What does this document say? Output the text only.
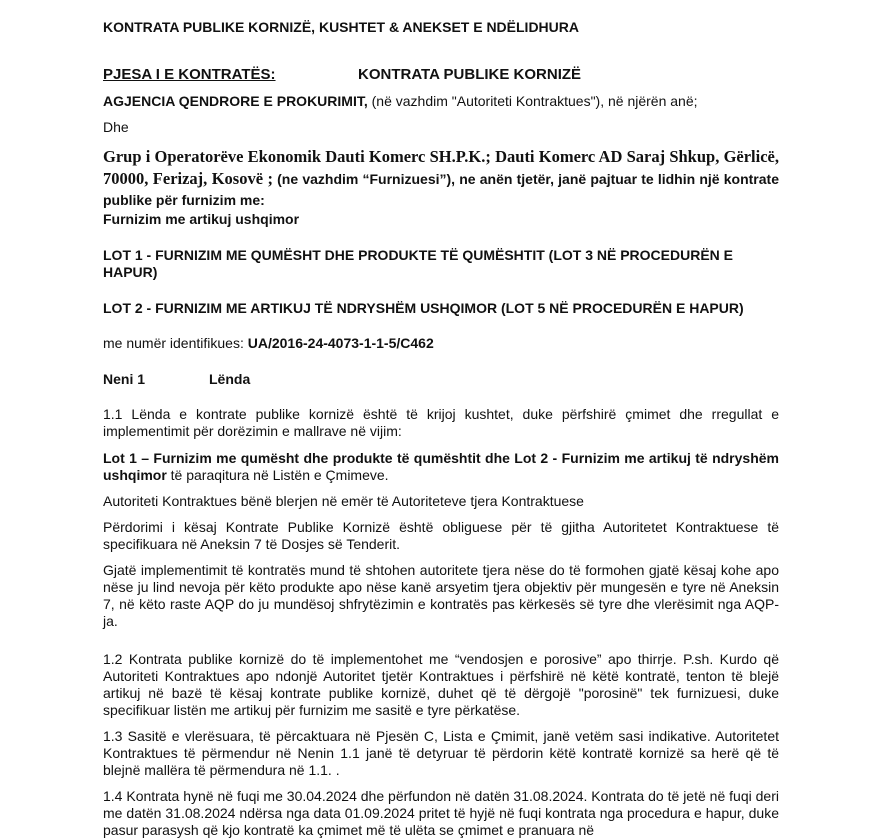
KONTRATA PUBLIKE KORNIZË, KUSHTET & ANEKSET E NDËLIDHURA

PJESA I E KONTRATËS:	KONTRATA PUBLIKE KORNIZË

AGJENCIA QENDRORE E PROKURIMIT, (në vazhdim "Autoriteti Kontraktues"), në njërën anë;

Dhe

Grup i Operatorëve Ekonomik Dauti Komerc SH.P.K.; Dauti Komerc AD Saraj Shkup, Gërlicë, 70000, Ferizaj, Kosovë ; (ne vazhdim “Furnizuesi”), ne anën tjetër, janë pajtuar te lidhin një kontrate publike për furnizim me:

Furnizim me artikuj ushqimor

LOT 1 - FURNIZIM ME QUMËSHT DHE PRODUKTE TË QUMËSHTIT (LOT 3 NË PROCEDURËN E HAPUR)

LOT 2 - FURNIZIM ME ARTIKUJ TË NDRYSHËM USHQIMOR (LOT 5 NË PROCEDURËN E HAPUR)

me numër identifikues: UA/2016-24-4073-1-1-5/C462

Neni 1	Lënda

1.1 Lënda e kontrate publike kornizë është të krijoj kushtet, duke përfshirë çmimet dhe rregullat e implementimit për dorëzimin e mallrave në vijim:

Lot 1 – Furnizim me qumësht dhe produkte të qumështit dhe Lot 2 - Furnizim me artikuj të ndryshëm ushqimor të paraqitura në Listën e Çmimeve.

Autoriteti Kontraktues bënë blerjen në emër të Autoriteteve tjera Kontraktuese

Përdorimi i kësaj Kontrate Publike Kornizë është obliguese për të gjitha Autoritetet Kontraktuese të specifikuara në Aneksin 7 të Dosjes së Tenderit.

Gjatë implementimit të kontratës mund të shtohen autoritete tjera nëse do të formohen gjatë kësaj kohe apo nëse ju lind nevoja për këto produkte apo nëse kanë arsyetim tjera objektiv për mungesën e tyre në Aneksin 7, në këto raste AQP do ju mundësoj shfrytëzimin e kontratës pas kërkesës së tyre dhe vlerësimit nga AQP-ja.

1.2 Kontrata publike kornizë do të implementohet me “vendosjen e porosive” apo thirrje. P.sh. Kurdo që Autoriteti Kontraktues apo ndonjë Autoritet tjetër Kontraktues i përfshirë në këtë kontratë, tenton të blejë artikuj në bazë të kësaj kontrate publike kornizë, duhet që të dërgojë "porosinë" tek furnizuesi, duke specifikuar listën me artikuj për furnizim me sasitë e tyre përkatëse.

1.3 Sasitë e vlerësuara, të përcaktuara në Pjesën C, Lista e Çmimit, janë vetëm sasi indikative. Autoritetet Kontraktues të përmendur në Nenin 1.1 janë të detyruar të përdorin këtë kontratë kornizë sa herë që të blejnë mallëra të përmendura në 1.1. .

1.4 Kontrata hynë në fuqi me 30.04.2024 dhe përfundon në datën 31.08.2024. Kontrata do të jetë në fuqi deri me datën 31.08.2024 ndërsa nga data 01.09.2024 pritet të hyjë në fuqi kontrata nga procedura e hapur, duke pasur parasysh që kjo kontratë ka çmimet më të ulëta se çmimet e pranuara në
